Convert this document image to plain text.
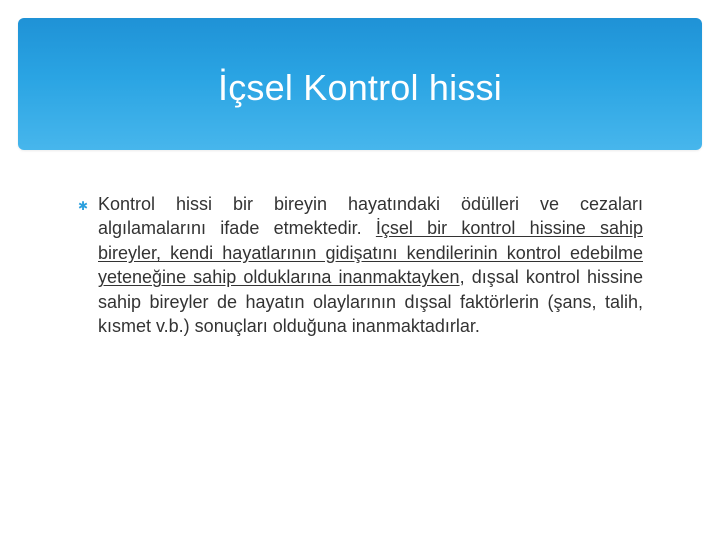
İçsel Kontrol hissi
✱ Kontrol hissi bir bireyin hayatındaki ödülleri ve cezaları algılamalarını ifade etmektedir. İçsel bir kontrol hissine sahip bireyler, kendi hayatlarının gidişatını kendilerinin kontrol edebilme yeteneğine sahip olduklarına inanmaktayken, dışsal kontrol hissine sahip bireyler de hayatın olaylarının dışsal faktörlerin (şans, talih, kısmet v.b.) sonuçları olduğuna inanmaktadırlar.
